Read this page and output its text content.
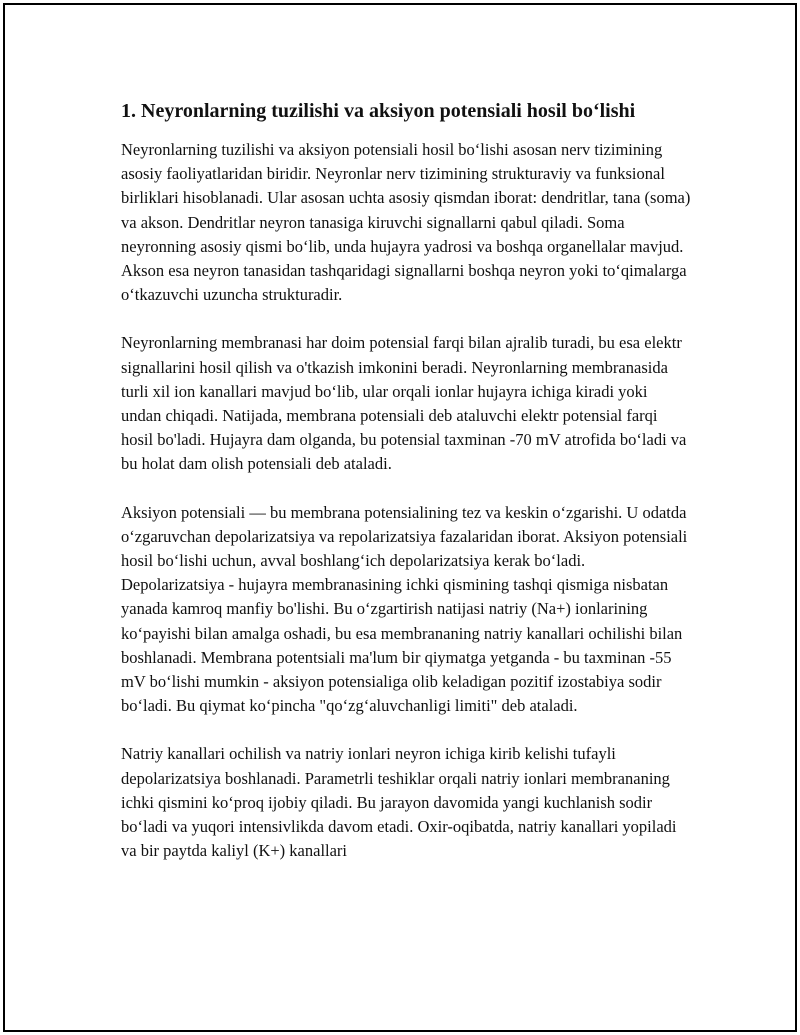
1. Neyronlarning tuzilishi va aksiyon potensiali hosil bo‘lishi

Neyronlarning tuzilishi va aksiyon potensiali hosil bo‘lishi asosan nerv tizimining asosiy faoliyatlaridan biridir. Neyronlar nerv tizimining strukturaviy va funksional birliklari hisoblanadi. Ular asosan uchta asosiy qismdan iborat: dendritlar, tana (soma) va akson. Dendritlar neyron tanasiga kiruvchi signallarni qabul qiladi. Soma neyronning asosiy qismi bo‘lib, unda hujayra yadrosi va boshqa organellalar mavjud. Akson esa neyron tanasidan tashqaridagi signallarni boshqa neyron yoki to‘qimalarga o‘tkazuvchi uzuncha strukturadir.

Neyronlarning membranasi har doim potensial farqi bilan ajralib turadi, bu esa elektr signallarini hosil qilish va o'tkazish imkonini beradi. Neyronlarning membranasida turli xil ion kanallari mavjud bo‘lib, ular orqali ionlar hujayra ichiga kiradi yoki undan chiqadi. Natijada, membrana potensiali deb ataluvchi elektr potensial farqi hosil bo'ladi. Hujayra dam olganda, bu potensial taxminan -70 mV atrofida bo‘ladi va bu holat dam olish potensiali deb ataladi.

Aksiyon potensiali — bu membrana potensialining tez va keskin o‘zgarishi. U odatda o‘zgaruvchan depolarizatsiya va repolarizatsiya fazalaridan iborat. Aksiyon potensiali hosil bo‘lishi uchun, avval boshlang‘ich depolarizatsiya kerak bo‘ladi. Depolarizatsiya - hujayra membranasining ichki qismining tashqi qismiga nisbatan yanada kamroq manfiy bo'lishi. Bu o‘zgartirish natijasi natriy (Na+) ionlarining ko‘payishi bilan amalga oshadi, bu esa membrananing natriy kanallari ochilishi bilan boshlanadi. Membrana potentsiali ma'lum bir qiymatga yetganda - bu taxminan -55 mV bo‘lishi mumkin - aksiyon potensialiga olib keladigan pozitif izostabiya sodir bo‘ladi. Bu qiymat ko‘pincha "qo‘zg‘aluvchanligi limiti" deb ataladi.

Natriy kanallari ochilish va natriy ionlari neyron ichiga kirib kelishi tufayli depolarizatsiya boshlanadi. Parametrli teshiklar orqali natriy ionlari membrananing ichki qismini ko‘proq ijobiy qiladi. Bu jarayon davomida yangi kuchlanish sodir bo‘ladi va yuqori intensivlikda davom etadi. Oxir-oqibatda, natriy kanallari yopiladi va bir paytda kaliyl (K+) kanallari
